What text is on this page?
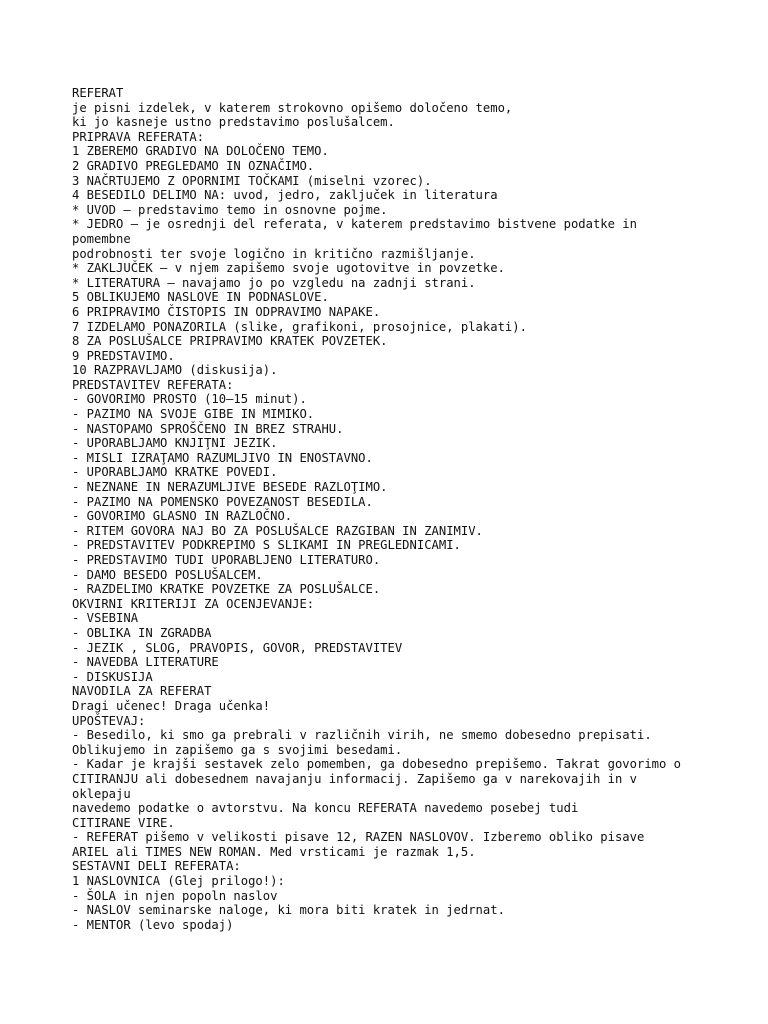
REFERAT
je pisni izdelek, v katerem strokovno opišemo določeno temo,
ki jo kasneje ustno predstavimo poslušalcem.
PRIPRAVA REFERATA:
1 ZBEREMO GRADIVO NA DOLOČENO TEMO.
2 GRADIVO PREGLEDAMO IN OZNAČIMO.
3 NAČRTUJEMO Z OPORNIMI TOČKAMI (miselni vzorec).
4 BESEDILO DELIMO NA: uvod, jedro, zaključek in literatura
* UVOD – predstavimo temo in osnovne pojme.
* JEDRO – je osrednji del referata, v katerem predstavimo bistvene podatke in
pomembne
podrobnosti ter svoje logično in kritično razmišljanje.
* ZAKLJUČEK – v njem zapišemo svoje ugotovitve in povzetke.
* LITERATURA – navajamo jo po vzgledu na zadnji strani.
5 OBLIKUJEMO NASLOVE IN PODNASLOVE.
6 PRIPRAVIMO ČISTOPIS IN ODPRAVIMO NAPAKE.
7 IZDELAMO PONAZORILA (slike, grafikoni, prosojnice, plakati).
8 ZA POSLUŠALCE PRIPRAVIMO KRATEK POVZETEK.
9 PREDSTAVIMO.
10 RAZPRAVLJAMO (diskusija).
PREDSTAVITEV REFERATA:
- GOVORIMO PROSTO (10–15 minut).
- PAZIMO NA SVOJE GIBE IN MIMIKO.
- NASTOPAMO SPROŠČENO IN BREZ STRAHU.
- UPORABLJAMO KNJIŢNI JEZIK.
- MISLI IZRAŢAMO RAZUMLJIVO IN ENOSTAVNO.
- UPORABLJAMO KRATKE POVEDI.
- NEZNANE IN NERAZUMLJIVE BESEDE RAZLOŢIMO.
- PAZIMO NA POMENSKO POVEZANOST BESEDILA.
- GOVORIMO GLASNO IN RAZLOČNO.
- RITEM GOVORA NAJ BO ZA POSLUŠALCE RAZGIBAN IN ZANIMIV.
- PREDSTAVITEV PODKREPIMO S SLIKAMI IN PREGLEDNICAMI.
- PREDSTAVIMO TUDI UPORABLJENO LITERATURO.
- DAMO BESEDO POSLUŠALCEM.
- RAZDELIMO KRATKE POVZETKE ZA POSLUŠALCE.
OKVIRNI KRITERIJI ZA OCENJEVANJE:
- VSEBINA
- OBLIKA IN ZGRADBA
- JEZIK , SLOG, PRAVOPIS, GOVOR, PREDSTAVITEV
- NAVEDBA LITERATURE
- DISKUSIJA
NAVODILA ZA REFERAT
Dragi učenec! Draga učenka!
UPOŠTEVAJ:
- Besedilo, ki smo ga prebrali v različnih virih, ne smemo dobesedno prepisati.
Oblikujemo in zapišemo ga s svojimi besedami.
- Kadar je krajši sestavek zelo pomemben, ga dobesedno prepišemo. Takrat govorimo o
CITIRANJU ali dobesednem navajanju informacij. Zapišemo ga v narekovajih in v
oklepaju
navedemo podatke o avtorstvu. Na koncu REFERATA navedemo posebej tudi
CITIRANE VIRE.
- REFERAT pišemo v velikosti pisave 12, RAZEN NASLOVOV. Izberemo obliko pisave
ARIEL ali TIMES NEW ROMAN. Med vrsticami je razmak 1,5.
SESTAVNI DELI REFERATA:
1 NASLOVNICA (Glej prilogo!):
- ŠOLA in njen popoln naslov
- NASLOV seminarske naloge, ki mora biti kratek in jedrnat.
- MENTOR (levo spodaj)
